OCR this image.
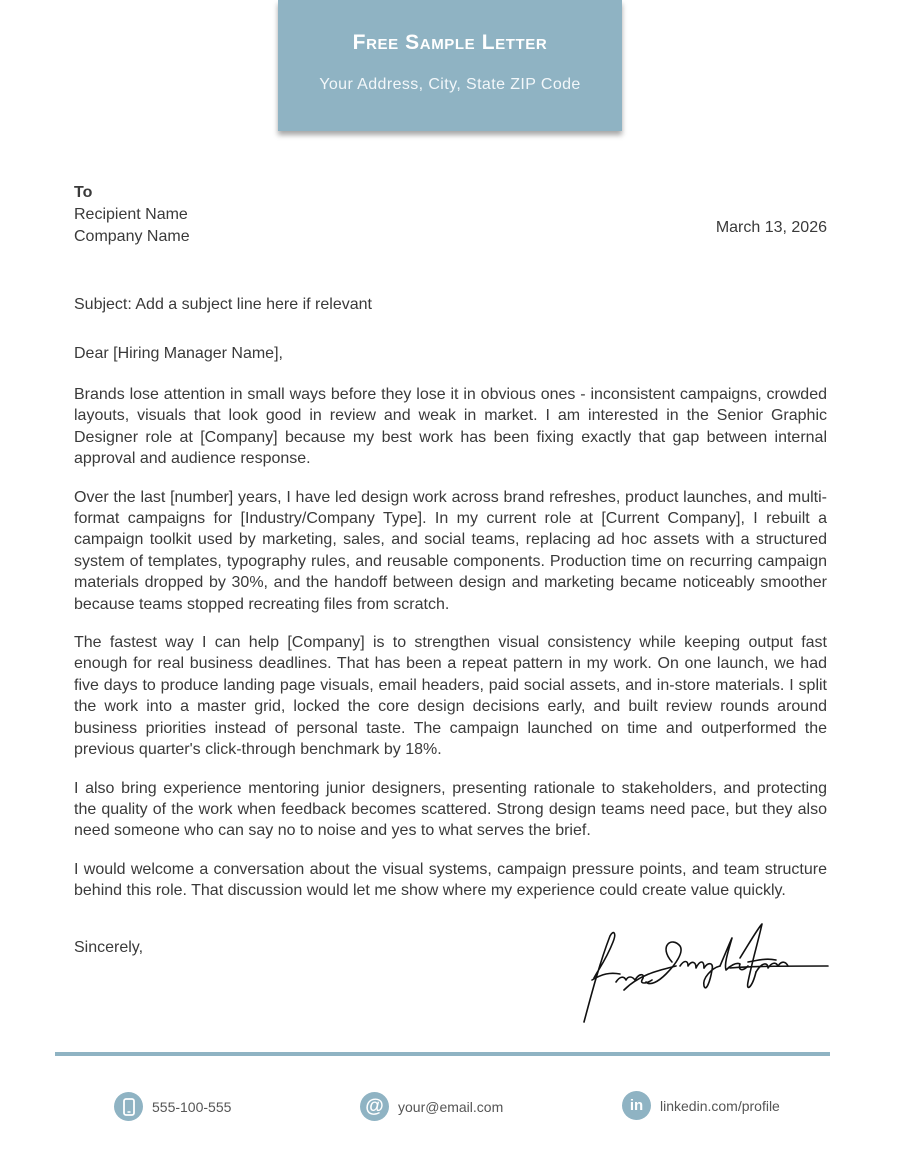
Free Sample Letter
Your Address, City, State ZIP Code
To
Recipient Name
Company Name
March 13, 2026
Subject: Add a subject line here if relevant
Dear [Hiring Manager Name],

Brands lose attention in small ways before they lose it in obvious ones - inconsistent campaigns, crowded layouts, visuals that look good in review and weak in market. I am interested in the Senior Graphic Designer role at [Company] because my best work has been fixing exactly that gap between internal approval and audience response.

Over the last [number] years, I have led design work across brand refreshes, product launches, and multi-format campaigns for [Industry/Company Type]. In my current role at [Current Company], I rebuilt a campaign toolkit used by marketing, sales, and social teams, replacing ad hoc assets with a structured system of templates, typography rules, and reusable components. Production time on recurring campaign materials dropped by 30%, and the handoff between design and marketing became noticeably smoother because teams stopped recreating files from scratch.

The fastest way I can help [Company] is to strengthen visual consistency while keeping output fast enough for real business deadlines. That has been a repeat pattern in my work. On one launch, we had five days to produce landing page visuals, email headers, paid social assets, and in-store materials. I split the work into a master grid, locked the core design decisions early, and built review rounds around business priorities instead of personal taste. The campaign launched on time and outperformed the previous quarter's click-through benchmark by 18%.

I also bring experience mentoring junior designers, presenting rationale to stakeholders, and protecting the quality of the work when feedback becomes scattered. Strong design teams need pace, but they also need someone who can say no to noise and yes to what serves the brief.

I would welcome a conversation about the visual systems, campaign pressure points, and team structure behind this role. That discussion would let me show where my experience could create value quickly.

Sincerely,
555-100-555	@	your@email.com	in	linkedin.com/profile
